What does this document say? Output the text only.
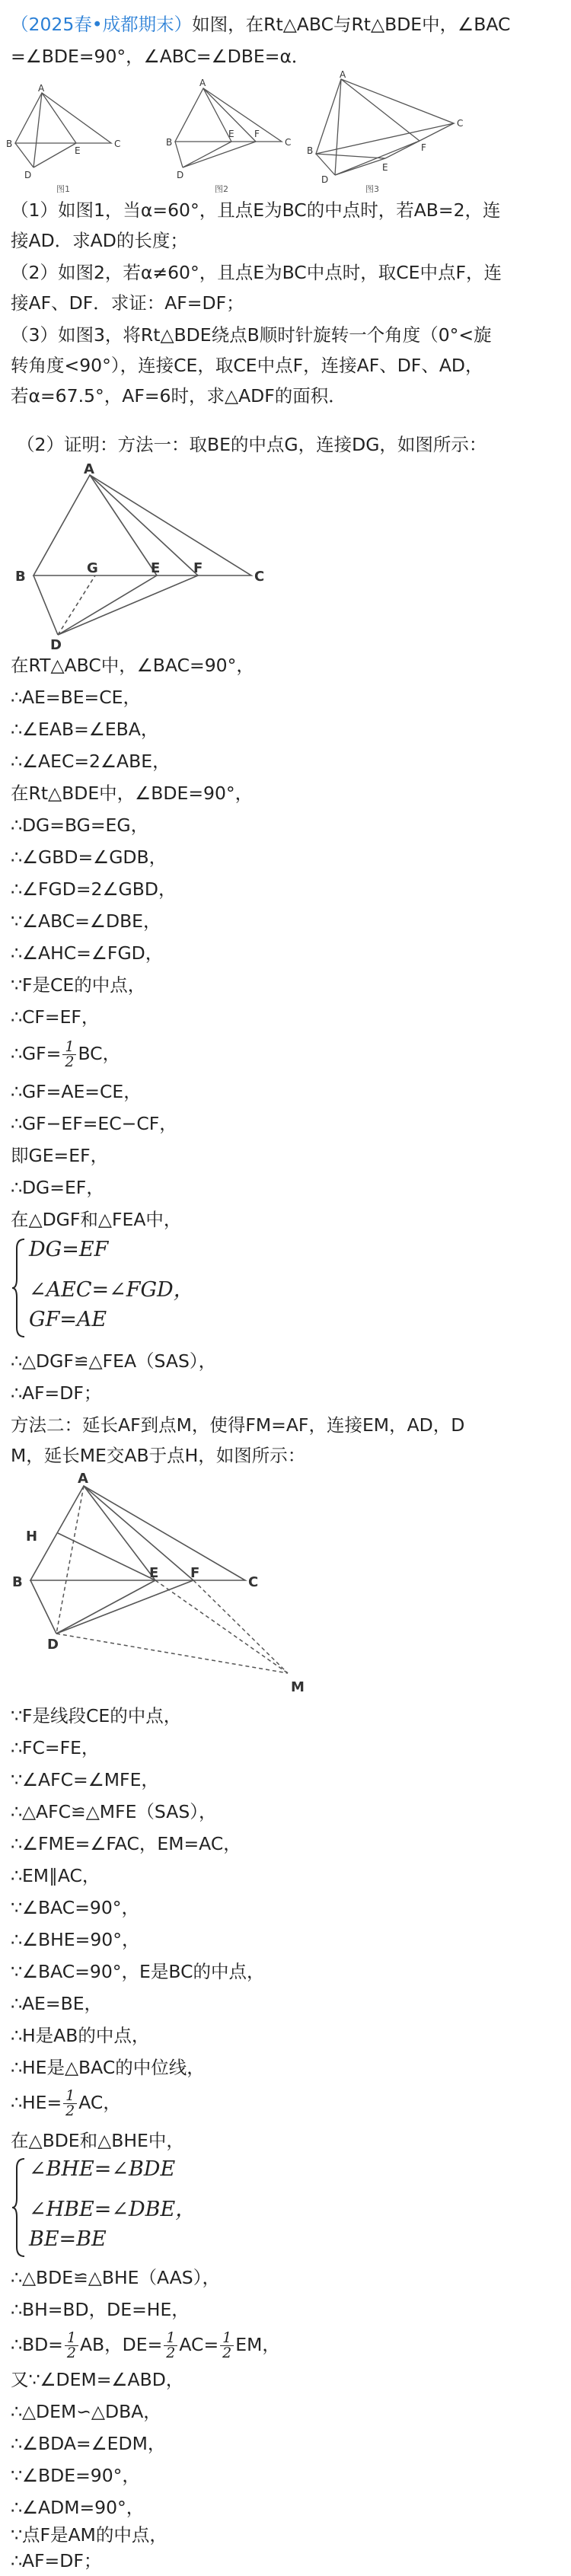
（2025春•成都期末）如图，在Rt△ABC与Rt△BDE中，∠BAC
=∠BDE=90°，∠ABC=∠DBE=α．
A
B	C
D
E
A
B	C
D
E F
A
B
C
D
E
F
图1	图2	图3
（1）如图1，当α=60°，且点E为BC的中点时，若AB=2，连
接AD．求AD的长度；
（2）如图2，若α≠60°，且点E为BC中点时，取CE中点F，连
接AF、DF．求证：AF=DF；
（3）如图3，将Rt△BDE绕点B顺时针旋转一个角度（0°<旋
转角度<90°），连接CE，取CE中点F，连接AF、DF、AD，
若α=67.5°，AF=6时，求△ADF的面积．
（2）证明：方法一：取BE的中点G，连接DG，如图所示：
A
B
G	E F
C
D
在RT△ABC中，∠BAC=90°，
∴AE=BE=CE，
∴∠EAB=∠EBA，
∴∠AEC=2∠ABE，
在Rt△BDE中，∠BDE=90°，
∴DG=BG=EG，
∴∠GBD=∠GDB，
∴∠FGD=2∠GBD，
∵∠ABC=∠DBE，
∴∠AHC=∠FGD，
∵F是CE的中点，
∴CF=EF，
∴GF= $\frac{1}{2}$ BC，
∴GF=AE=CE，
∴GF−EF=EC−CF，
即GE=EF，
∴DG=EF，
在△DGF和△FEA中，
DG=EF
∠AEC=∠FGD，
GF=AE
∴△DGF≌△FEA（SAS），
∴AF=DF；
方法二：延长AF到点M，使得FM=AF，连接EM，AD，D
M，延长ME交AB于点H，如图所示：
A
H
B
E F
C
D
M
∵F是线段CE的中点，
∴FC=FE，
∵∠AFC=∠MFE，
∴△AFC≌△MFE（SAS），
∴∠FME=∠FAC，EM=AC，
∴EM∥AC，
∵∠BAC=90°，
∴∠BHE=90°，
∵∠BAC=90°，E是BC的中点，
∴AE=BE，
∴H是AB的中点，
∴HE是△BAC的中位线，
∴HE= $\frac{1}{2}$ AC，
在△BDE和△BHE中，
∠BHE=∠BDE
∠HBE=∠DBE，
BE=BE
∴△BDE≌△BHE（AAS），
∴BH=BD，DE=HE，
∴BD= $\frac{1}{2}$ AB，$DE= \frac{1}{2} AC= \frac{1}{2}$ EM，
又∵∠DEM=∠ABD，
∴△DEM∽△DBA，
∴∠BDA=∠EDM，
∵∠BDE=90°，
∴∠ADM=90°，
∵点F是AM的中点，
∴AF=DF；
